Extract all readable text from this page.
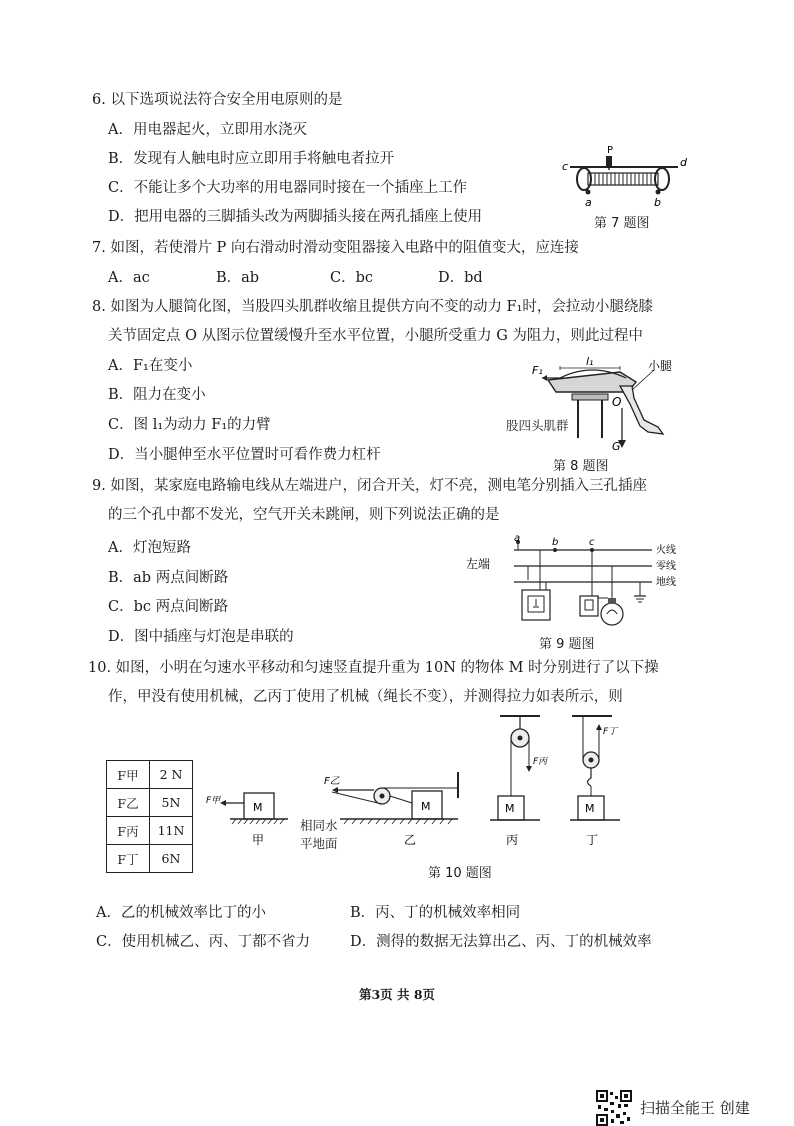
6. 以下选项说法符合安全用电原则的是
A．用电器起火，立即用水浇灭
B．发现有人触电时应立即用手将触电者拉开
C．不能让多个大功率的用电器同时接在一个插座上工作
D．把用电器的三脚插头改为两脚插头接在两孔插座上使用
P
c	d
a	b
第 7 题图
7. 如图，若使滑片 P 向右滑动时滑动变阻器接入电路中的阻值变大，应连接
A．ac	B．ab	C．bc	D．bd
8. 如图为人腿简化图，当股四头肌群收缩且提供方向不变的动力 F₁时，会拉动小腿绕膝
关节固定点 O 从图示位置缓慢升至水平位置，小腿所受重力 G 为阻力，则此过程中
A．F₁在变小
B．阻力在变小
C．图 l₁为动力 F₁的力臂
D．当小腿伸至水平位置时可看作费力杠杆
F₁
l₁	小腿
O
G
股四头肌群
第 8 题图
9. 如图，某家庭电路输电线从左端进户，闭合开关，灯不亮，测电笔分别插入三孔插座
的三个孔中都不发光，空气开关未跳闸，则下列说法正确的是
A．灯泡短路
B．ab 两点间断路
C．bc 两点间断路
D．图中插座与灯泡是串联的
a	b	c
左端
火线
零线
地线
第 9 题图
10. 如图，小明在匀速水平移动和匀速竖直提升重为 10N 的物体 M 时分别进行了以下操
作，甲没有使用机械，乙丙丁使用了机械（绳长不变），并测得拉力如表所示，则
F甲	2 N
F乙	5N
F丙	11N
F丁	6N
M
F甲
甲
M
F乙
乙
F丙
M
丙
F丁
M
丁
相同水
平地面
第 10 题图
A．乙的机械效率比丁的小	B．丙、丁的机械效率相同
C．使用机械乙、丙、丁都不省力	D．测得的数据无法算出乙、丙、丁的机械效率
第3页 共 8页
扫描全能王 创建
